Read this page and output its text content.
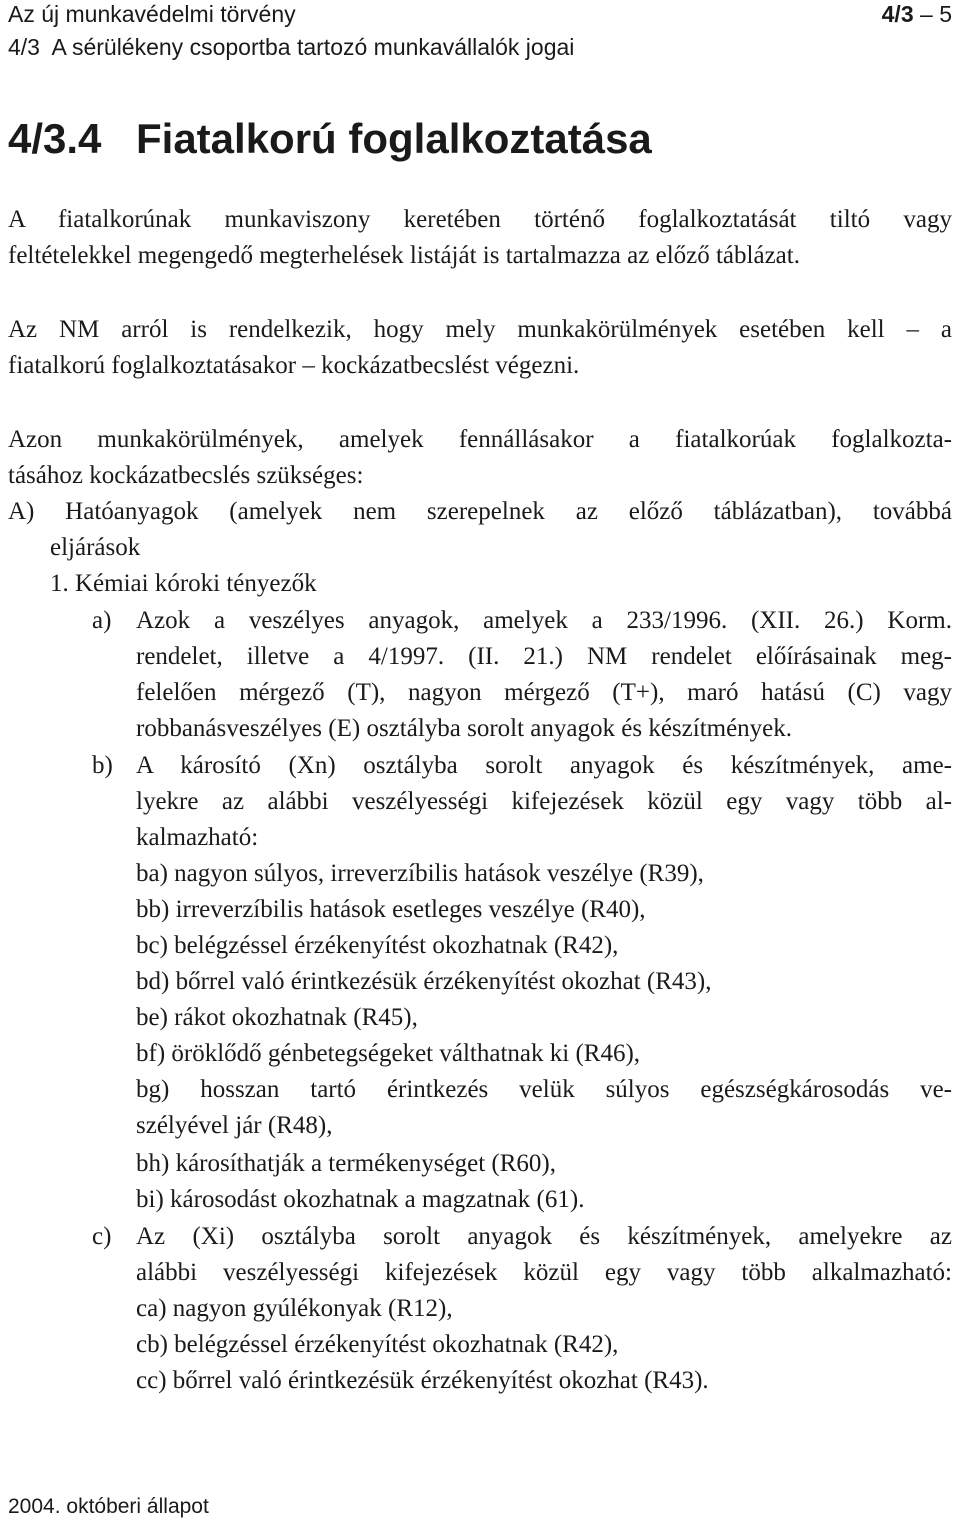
Az új munkavédelmi törvény	4/3 – 5
4/3  A sérülékeny csoportba tartozó munkavállalók jogai
4/3.4 Fiatalkorú foglalkoztatása
A fiatalkorúnak munkaviszony keretében történő foglalkoztatását tiltó vagy
feltételekkel megengedő megterhelések listáját is tartalmazza az előző táblázat.
Az NM arról is rendelkezik, hogy mely munkakörülmények esetében kell – a
fiatalkorú foglalkoztatásakor – kockázatbecslést végezni.
Azon munkakörülmények, amelyek fennállásakor a fiatalkorúak foglalkozta-
tásához kockázatbecslés szükséges:
A) Hatóanyagok (amelyek nem szerepelnek az előző táblázatban), továbbá
eljárások
1. Kémiai kóroki tényezők
a) Azok a veszélyes anyagok, amelyek a 233/1996. (XII. 26.) Korm.
rendelet, illetve a 4/1997. (II. 21.) NM rendelet előírásainak meg-
felelően mérgező (T), nagyon mérgező (T+), maró hatású (C) vagy
robbanásveszélyes (E) osztályba sorolt anyagok és készítmények.
b) A károsító (Xn) osztályba sorolt anyagok és készítmények, ame-
lyekre az alábbi veszélyességi kifejezések közül egy vagy több al-
kalmazható:
ba) nagyon súlyos, irreverzíbilis hatások veszélye (R39),
bb) irreverzíbilis hatások esetleges veszélye (R40),
bc) belégzéssel érzékenyítést okozhatnak (R42),
bd) bőrrel való érintkezésük érzékenyítést okozhat (R43),
be) rákot okozhatnak (R45),
bf) öröklődő génbetegségeket válthatnak ki (R46),
bg) hosszan tartó érintkezés velük súlyos egészségkárosodás ve-
szélyével jár (R48),
bh) károsíthatják a termékenységet (R60),
bi) károsodást okozhatnak a magzatnak (61).
c) Az (Xi) osztályba sorolt anyagok és készítmények, amelyekre az
alábbi veszélyességi kifejezések közül egy vagy több alkalmazható:
ca) nagyon gyúlékonyak (R12),
cb) belégzéssel érzékenyítést okozhatnak (R42),
cc) bőrrel való érintkezésük érzékenyítést okozhat (R43).
2004. októberi állapot
